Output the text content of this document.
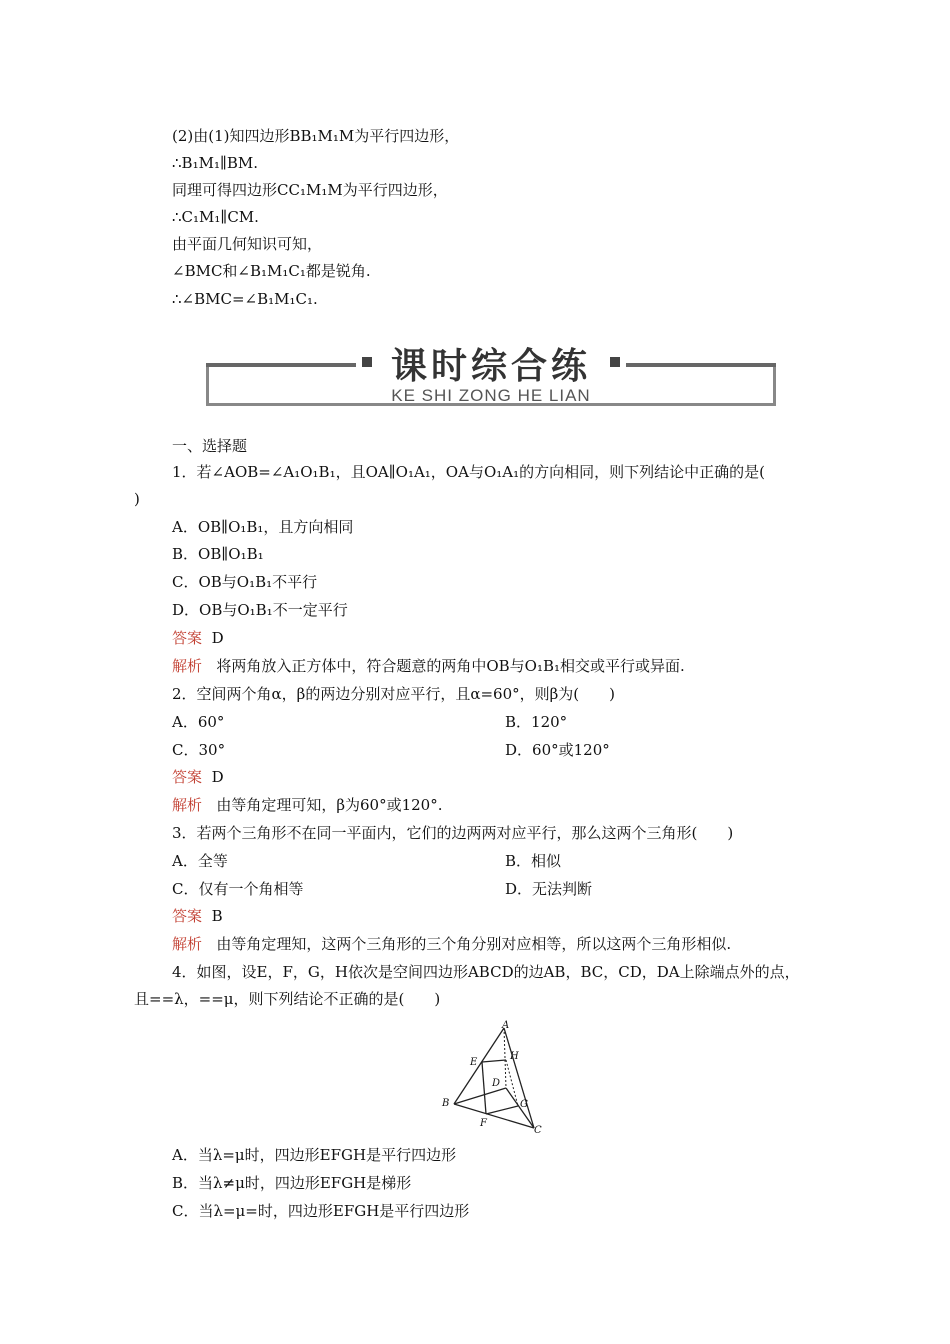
(2)由(1)知四边形BB₁M₁M为平行四边形，
∴B₁M₁∥BM.
同理可得四边形CC₁M₁M为平行四边形，
∴C₁M₁∥CM.
由平面几何知识可知，
∠BMC和∠B₁M₁C₁都是锐角.
∴∠BMC=∠B₁M₁C₁.
课时综合练
KE SHI ZONG HE LIAN
一、选择题
1．若∠AOB=∠A₁O₁B₁，且OA∥O₁A₁，OA与O₁A₁的方向相同，则下列结论中正确的是(
)
A．OB∥O₁B₁，且方向相同
B．OB∥O₁B₁
C．OB与O₁B₁不平行
D．OB与O₁B₁不一定平行
答案 D
解析 将两角放入正方体中，符合题意的两角中OB与O₁B₁相交或平行或异面.
2．空间两个角α，β的两边分别对应平行，且α=60°，则β为(　　)
A．60°	B．120°
C．30°	D．60°或120°
答案 D
解析 由等角定理可知，β为60°或120°.
3．若两个三角形不在同一平面内，它们的边两两对应平行，那么这两个三角形(　　)
A．全等	B．相似
C．仅有一个角相等	D．无法判断
答案 B
解析 由等角定理知，这两个三角形的三个角分别对应相等，所以这两个三角形相似.
4．如图，设E，F，G，H依次是空间四边形ABCD的边AB，BC，CD，DA上除端点外的点，
且==λ，==μ，则下列结论不正确的是(　　)
A
E
H
D
B
F
G
C
A．当λ=μ时，四边形EFGH是平行四边形
B．当λ≠μ时，四边形EFGH是梯形
C．当λ=μ=时，四边形EFGH是平行四边形
